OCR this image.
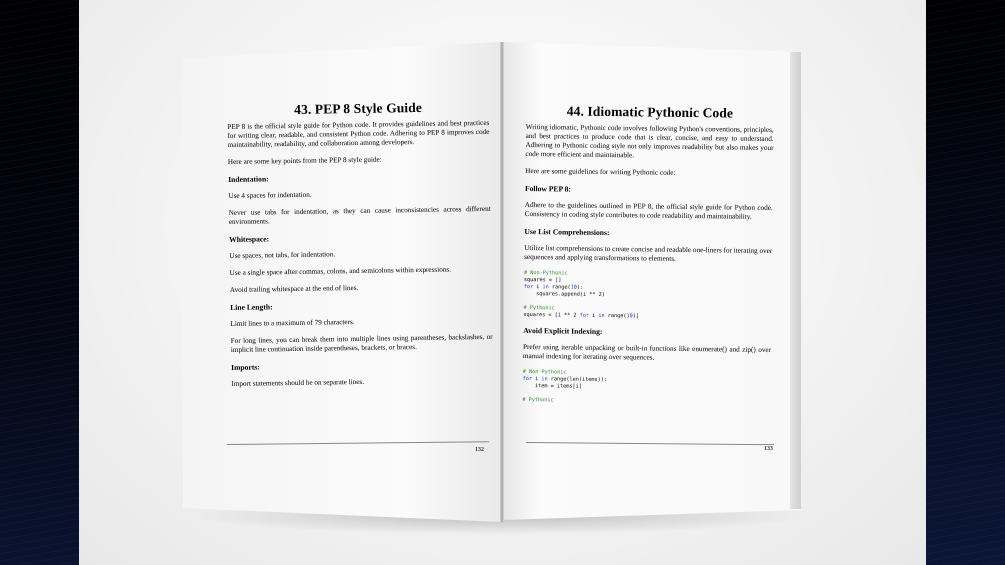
43. PEP 8 Style Guide

PEP 8 is the official style guide for Python code. It provides guidelines and best practices for writing clear, readable, and consistent Python code. Adhering to PEP 8 improves code maintainability, readability, and collaboration among developers.

Here are some key points from the PEP 8 style guide:

Indentation:

Use 4 spaces for indentation.

Never use tabs for indentation, as they can cause inconsistencies across different environments.

Whitespace:

Use spaces, not tabs, for indentation.

Use a single space after commas, colons, and semicolons within expressions.

Avoid trailing whitespace at the end of lines.

Line Length:

Limit lines to a maximum of 79 characters.

For long lines, you can break them into multiple lines using parentheses, backslashes, or implicit line continuation inside parentheses, brackets, or braces.

Imports:

Import statements should be on separate lines.

132
44. Idiomatic Pythonic Code

Writing idiomatic, Pythonic code involves following Python's conventions, principles, and best practices to produce code that is clear, concise, and easy to understand. Adhering to Pythonic coding style not only improves readability but also makes your code more efficient and maintainable.

Here are some guidelines for writing Pythonic code:

Follow PEP 8:

Adhere to the guidelines outlined in PEP 8, the official style guide for Python code. Consistency in coding style contributes to code readability and maintainability.

Use List Comprehensions:

Utilize list comprehensions to create concise and readable one-liners for iterating over sequences and applying transformations to elements.

# Non-Pythonic
squares = []
for i in range(10):
squares.append(i ** 2)
# Pythonic
squares = [i ** 2 for i in range(10)]
Avoid Explicit Indexing:

Prefer using iterable unpacking or built-in functions like enumerate() and zip() over manual indexing for iterating over sequences.

# Non-Pythonic
for i in range(len(items)):
item = items[i]
# Pythonic
133
